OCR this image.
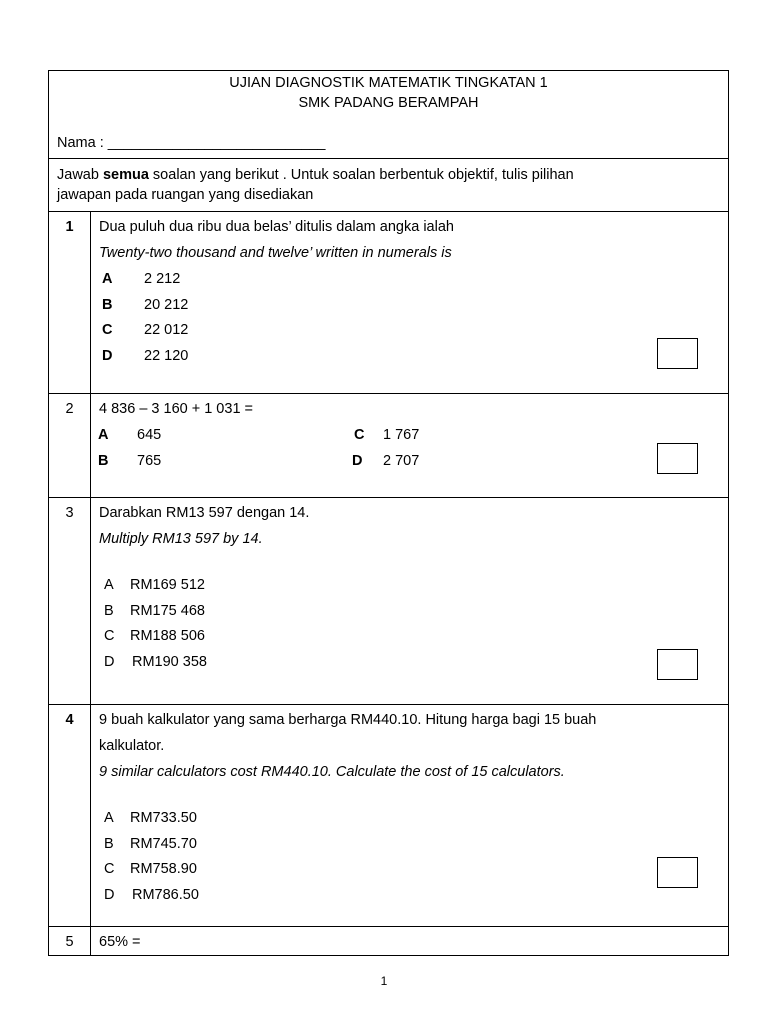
UJIAN DIAGNOSTIK MATEMATIK TINGKATAN 1
SMK PADANG BERAMPAH
Nama : ___________________________
Jawab semua soalan yang berikut . Untuk soalan berbentuk objektif, tulis pilihan
jawapan pada ruangan yang disediakan
1	Dua puluh dua ribu dua belas’ ditulis dalam angka ialah
Twenty-two thousand and twelve’ written in numerals is
A 2 212
B 20 212
C 22 012
D 22 120
2	4 836 – 3 160 + 1 031 =
A 645	C 1 767
B 765	D 2 707
3	Darabkan RM13 597 dengan 14.
Multiply RM13 597 by 14.
A RM169 512
B RM175 468
C RM188 506
D RM190 358
4	9 buah kalkulator yang sama berharga RM440.10. Hitung harga bagi 15 buah
kalkulator.
9 similar calculators cost RM440.10. Calculate the cost of 15 calculators.
A RM733.50
B RM745.70
C RM758.90
D RM786.50
5	65% =
1
